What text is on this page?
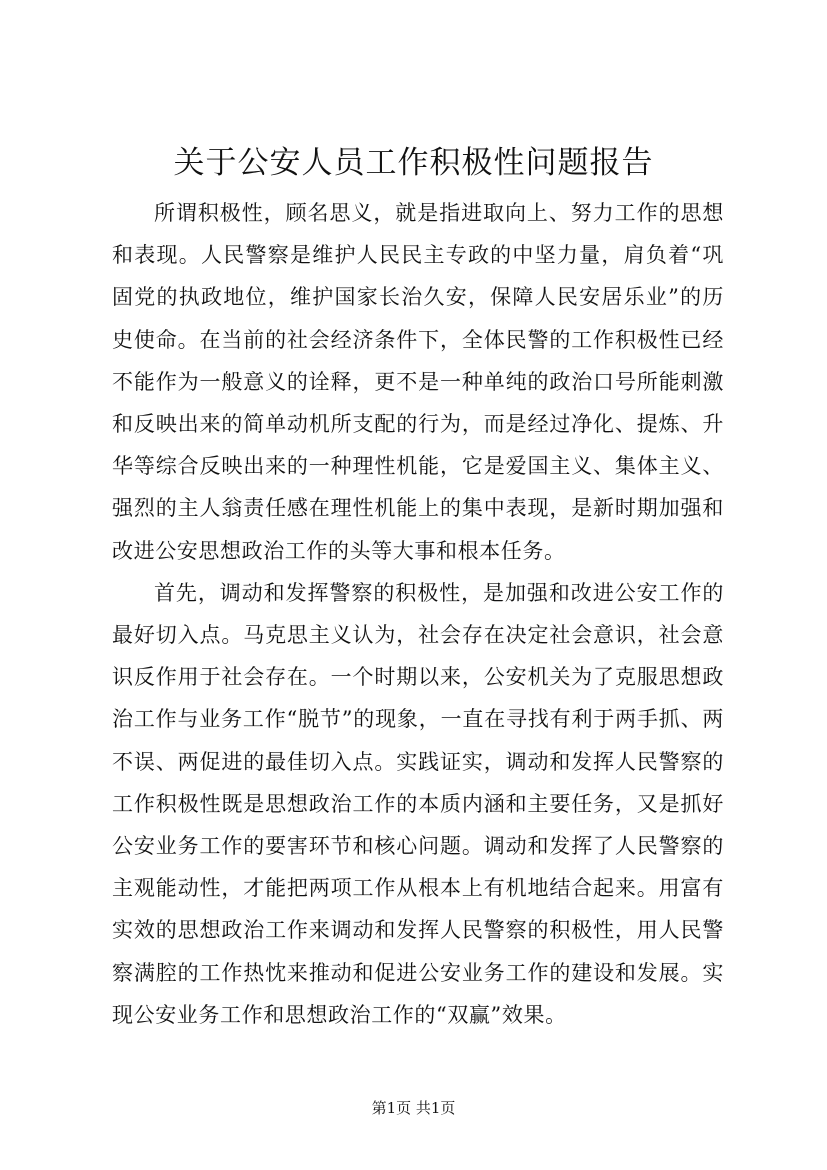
关于公安人员工作积极性问题报告

所谓积极性，顾名思义，就是指进取向上、努力工作的思想和表现。人民警察是维护人民民主专政的中坚力量，肩负着“巩固党的执政地位，维护国家长治久安，保障人民安居乐业”的历史使命。在当前的社会经济条件下，全体民警的工作积极性已经不能作为一般意义的诠释，更不是一种单纯的政治口号所能刺激和反映出来的简单动机所支配的行为，而是经过净化、提炼、升华等综合反映出来的一种理性机能，它是爱国主义、集体主义、强烈的主人翁责任感在理性机能上的集中表现，是新时期加强和改进公安思想政治工作的头等大事和根本任务。

首先，调动和发挥警察的积极性，是加强和改进公安工作的最好切入点。马克思主义认为，社会存在决定社会意识，社会意识反作用于社会存在。一个时期以来，公安机关为了克服思想政治工作与业务工作“脱节”的现象，一直在寻找有利于两手抓、两不误、两促进的最佳切入点。实践证实，调动和发挥人民警察的工作积极性既是思想政治工作的本质内涵和主要任务，又是抓好公安业务工作的要害环节和核心问题。调动和发挥了人民警察的主观能动性，才能把两项工作从根本上有机地结合起来。用富有实效的思想政治工作来调动和发挥人民警察的积极性，用人民警察满腔的工作热忱来推动和促进公安业务工作的建设和发展。实现公安业务工作和思想政治工作的“双赢”效果。

第1页 共1页
